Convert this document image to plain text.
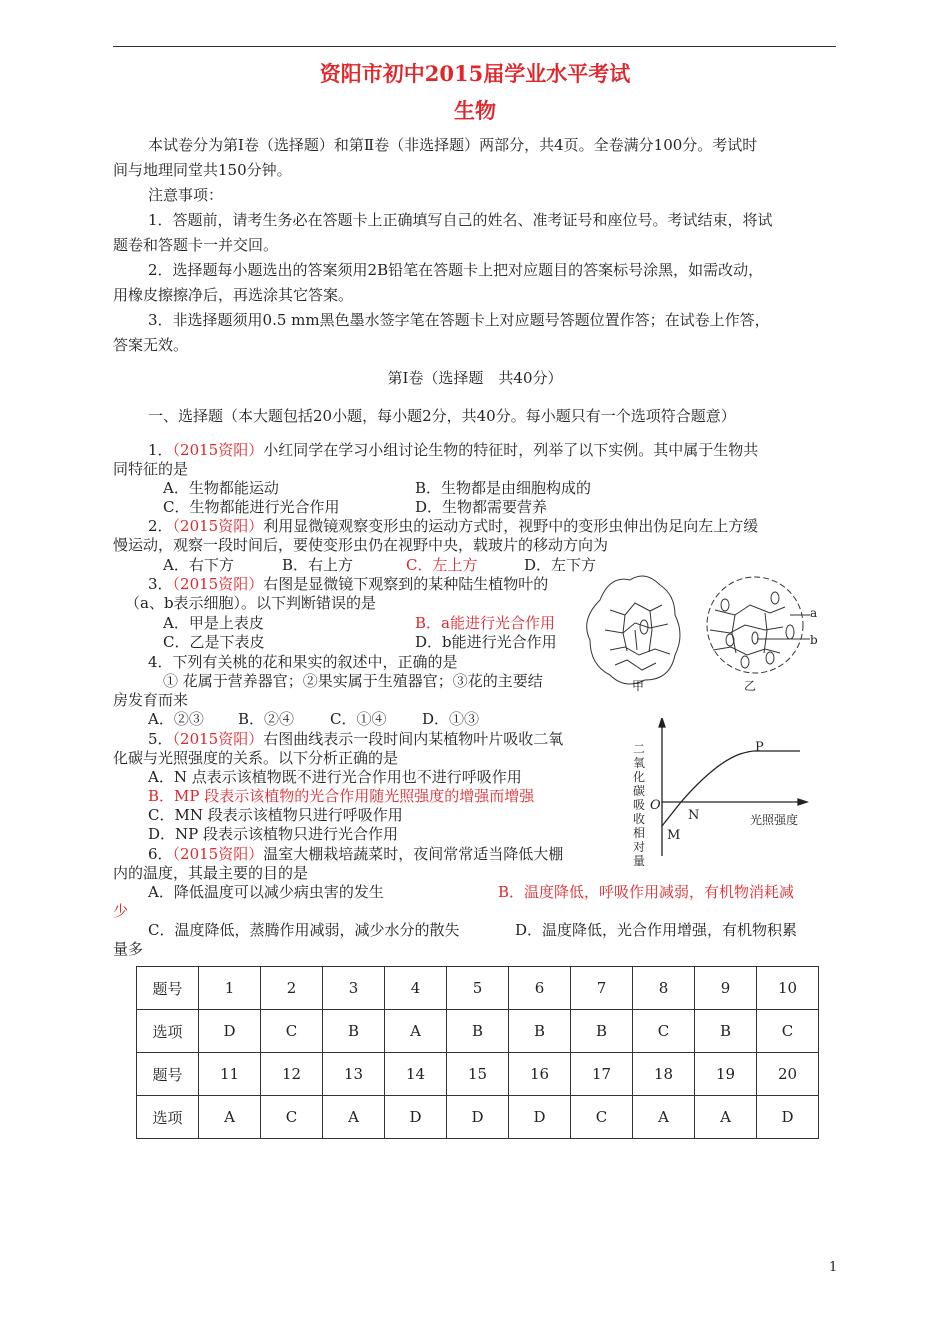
资阳市初中2015届学业水平考试
生物
本试卷分为第Ⅰ卷（选择题）和第Ⅱ卷（非选择题）两部分，共4页。全卷满分100分。考试时
间与地理同堂共150分钟。
注意事项：
1．答题前，请考生务必在答题卡上正确填写自己的姓名、准考证号和座位号。考试结束，将试
题卷和答题卡一并交回。
2．选择题每小题选出的答案须用2B铅笔在答题卡上把对应题目的答案标号涂黑，如需改动，
用橡皮擦擦净后，再选涂其它答案。
3．非选择题须用0.5 mm黑色墨水签字笔在答题卡上对应题号答题位置作答；在试卷上作答，
答案无效。
第Ⅰ卷（选择题　共40分）
一、选择题（本大题包括20小题，每小题2分，共40分。每小题只有一个选项符合题意）
1．（2015资阳）小红同学在学习小组讨论生物的特征时，列举了以下实例。其中属于生物共
同特征的是
A．生物都能运动	B．生物都是由细胞构成的
C．生物都能进行光合作用	D．生物都需要营养
2．（2015资阳）利用显微镜观察变形虫的运动方式时，视野中的变形虫伸出伪足向左上方缓
慢运动，观察一段时间后，要使变形虫仍在视野中央，载玻片的移动方向为
A．右下方	B．右上方	C．左上方	D．左下方
3．（2015资阳）右图是显微镜下观察到的某种陆生植物叶的
（a、b表示细胞）。以下判断错误的是
A．甲是上表皮	B．a能进行光合作用
C．乙是下表皮	D．b能进行光合作用
甲	乙
a
b
4．下列有关桃的花和果实的叙述中，正确的是
① 花属于营养器官；②果实属于生殖器官；③花的主要结
房发育而来
A．②③ B．②④ C．①④ D．①③
5．（2015资阳）右图曲线表示一段时间内某植物叶片吸收二氧
化碳与光照强度的关系。以下分析正确的是
A．N 点表示该植物既不进行光合作用也不进行呼吸作用
B．MP 段表示该植物的光合作用随光照强度的增强而增强
C．MN 段表示该植物只进行呼吸作用
D．NP 段表示该植物只进行光合作用
二氧化碳吸收相对量
光照强度
O
N
M
P
6．（2015资阳）温室大棚栽培蔬菜时，夜间常常适当降低大棚
内的温度，其最主要的目的是
A．降低温度可以减少病虫害的发生	B．温度降低，呼吸作用减弱，有机物消耗减
少
C．温度降低，蒸腾作用减弱，减少水分的散失	D．温度降低，光合作用增强，有机物积累
量多
题号	1	2	3	4	5	6	7	8	9	10
选项	D	C	B	A	B	B	B	C	B	C
题号	11	12	13	14	15	16	17	18	19	20
选项	A	C	A	D	D	D	C	A	A	D
1
